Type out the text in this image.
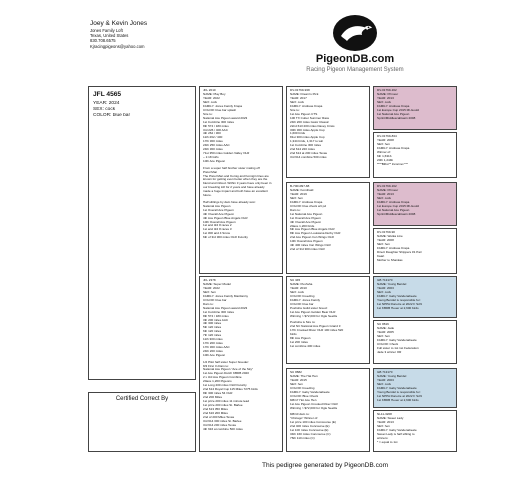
Joey & Kevin Jones
Jones Family Loft
Texas, United States
830.708.6575
Kjracingpigeons@yahoo.com
PigeonDB.com
Racing Pigeon Management System
JFL 4565
YEAR: 2024
SEX: cock
COLOR: blue bar
Certified Correct By
JFL 2010
NAME: Play Boy
YEAR: 2022
SEX: cock
FAMILY: Jones Family Krapa
COLOR: blue bar splash
Sire to:
National Ace Pigeon award 2023
1st Combine 300 miles
8th 574 / 180 miles
3rd 226 / 400 AAC
4th 262 / 300
11th 262 / 400
17th 300 miles
24th 250 miles AAC
24th 300 miles
71st 350 miles Golden Valley OLR
~ 1:18 Girls
10th Ace Pigeon
From a super half brother sister mating off
Pistol Man
The Pistol Man and Komig and Komigin lines are
known for getting even better when they are the
blend and inbred. Within 3 years have only been in
our breeding loft for 2 years and have already
made a huge impact and both have an excellent
future.
Half siblings by dam have already won:
National Ace Pigeon
1st Overall Ace Pigeon
4th Overall Ace Pigeon
4th Ace Pigeon Blue Angels OLR
10th Overall Ace Pigeon
1st and 3rd 8 races 2
1st and 3rd 8 races 3
1st 300 and 4 Snow
6th of 3rd 300 miles OLR Futurity
JFL 2378
NAME: Super Model
YEAR: 2022
SEX: hen
FAMILY: Jones Family Mazdanny
COLOR: blue bar
Dam to:
National Ace Pigeon award 2023
1st Combine 300 miles
8th 574 / 180 miles
3th 200 miles AAC
4th 300 miles
5th 120 miles
6th 120 miles
7th 120 miles
11th 300 miles
17th 200 miles
17th 300 miles AAC
24th 200 miles
10th Ace Pigeon
1/2 Pilot half sister Super breeder:
8/3 First In Dam to:
National Ace Pigeon "Ace of the Sky"
1st Ace Pigeon Dutch KBDB 2020
2 x 3rd Ace Pigeon Combine
20ace 1,200 Pigeons
1st Long 200 miles OLR Futurity
2nd 614 Royal Cup 115 Miles 7275 birds
8th 300 miles 54 OLR
2nd 200 Miles
1st prize 200 miles 11 minute lead
1st prize 200 miles St. Barlee
2nd 613 350 Miles
2nd 616 200 Miles
2nd of 200 Miles Texas
3rd 614 300 miles St. Barlee
3rd 614 200 miles Texas
4th 616 at combine 500 miles
DV-01769-938
NAME: Dream's Pick
YEAR: 2017
SEX: cock
FAMILY: Andreas Krapa
Sire to:
1st Ace Pigeon CTS
100 TX Cutter Summer Race
24th 200 miles Gator Classic
22nd 613 200 miles Davey Crisis
30th 300 miles Apple Cup
1,600 birds
81st 300 miles Apple Cup
1,344 birds, 1,317 to win
1st Combine 300 miles
2nd 614 220 miles
2nd 614 at 200 miles Texas
3rd 614 combine 500 miles
B-7001097-88
NAME: Komihatd
YEAR: 2019
SEX: hen
FAMILY: Andreas Krapa
COLOR: blue check w/t pd
Dam to:
1st National Ace Pigeon
1st Overall Ace Pigeon
4th Overall Ace Pigeon
20ace 1,200 birds
6th Ace Pigeon Blue Angels OLR
8th Ace Pigeon Louisiana Derby OLR
2nd Ace Pigeon Iron Wings OLR
10th Overall Ace Pigeon
4th 400 miles Iron Wings OLR
2nd of 3rd 300 miles OLR
SU 345
NAME: Pushsha
YEAR: 2010
SEX: cock
COLOR: breeding
FAMILY: Jones Family
COLOR: blue bar
Pushsha Guild sister breed:
1st Ace Pigeon Golden Bear OLR
Winning > $72,000 for Ogle Seetlis
Pushsha is Sire to:
2nd NC National Ace Pigeon Grand 3
17th Crooked River OLR 100 miles 520
birds
8th Ace Pigeon
1st 200 miles
1st combine 400 miles
SU 8882
NAME: The Hat Hen
YEAR: 2015
SEX: hen
COLOR: breeding
FAMILY: Gaby Vandenabeele
COLOR: Blue Check
8/8/17 Hot Ace Hen
1st Ace Pigeon Crooked River OLR
Winning > $72,000 for Ogle Seetlis
8/8/10 dam to:
"Chicago" Winner of:
1st prize 100 miles Concourse (E)
2nd 400 miles Concourse (E)
1st 100 miles Concourse (E)
34th 160 miles Concourse (C)
76th 110 miles (C)
DV-01769-162
NAME: Primeur
YEAR: 2013
SEX: cock
FAMILY: Andreas Krapa
1st Europe Cup 2015 Ml-Gould
1st National Ace Pigeon
Sprint/Middlescabtasin 2008
DV-01769-834
YEAR: 2008
SEX: hen
FAMILY: Andreas Krapa
Winner of:
6th 1,631b
20th 1,244b
****Bilbo** Inconnet ***
DV-01769-162
NAME: Primeur
YEAR: 2013
SEX: cock
FAMILY: Andreas Krapa
1st Europe Cup 2015 Ml-Gould
1st National Ace Pigeon
Sprint/Middlescabtasin 2008
DV-01769-90
NAME: Wetka Line
YEAR: 2008
SEX: hen
FAMILY: Andreas Krapa
Direct Daughter Shippers #1 Pair
Kaart
Mother to Shankas
GB 713170
NAME: Young Bendel
YEAR: 2003
SEX: cock
FAMILY: Gaby Vandenabeele
Young Bendel is responsible for:
1st NPPA Ronetre at 2022 F Schl
1st KBDB Heuer at 2,600 birds
SU 8816
NAME: Jade
YEAR: 2005
SEX: hen
FAMILY: Gaby Vandenabeele
COLOR: Check
Full sister to 1st 1st Federation
Jade 3 winner OR
GB 713170
NAME: Young Bendel
YEAR: 2003
SEX: cock
FAMILY: Gaby Vandenabeele
Young Bendel is responsible for:
1st NPPA Ronetre at 2022 F Schl
1st KBDB Heuer at 2,600 birds
NL11-3208
NAME: Sweet Lady
YEAR: 2013
SEX: hen
FAMILY: Gaby Vandenabeele
Sweet Lady is half sibling to
winners:
* = equal to 1st
This pedigree generated by PigeonDB.com
